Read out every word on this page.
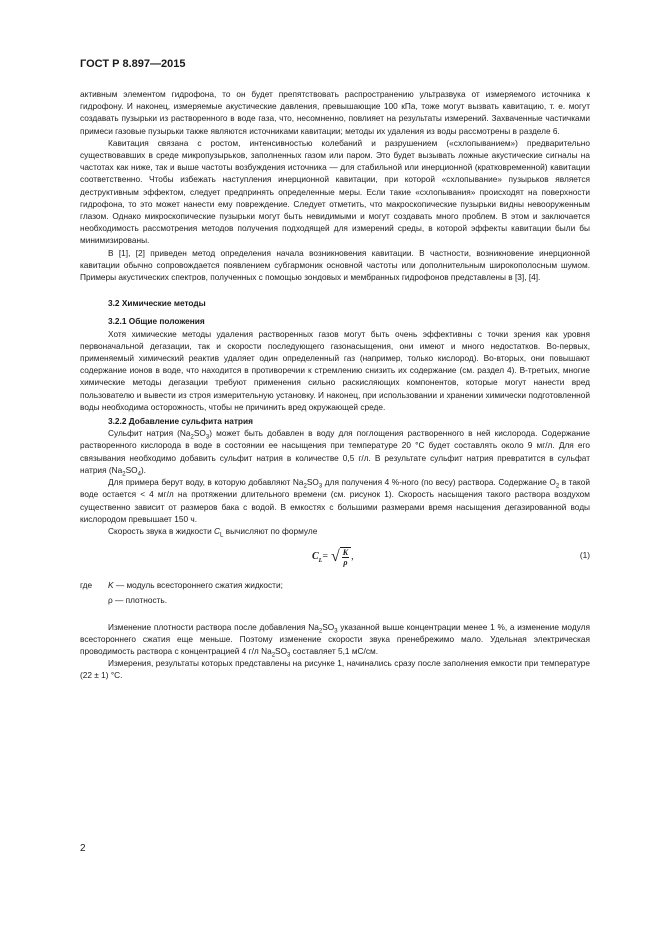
ГОСТ Р 8.897—2015

активным элементом гидрофона, то он будет препятствовать распространению ультразвука от измеряемого источника к гидрофону. И наконец, измеряемые акустические давления, превышающие 100 кПа, тоже могут вызвать кавитацию, т. е. могут создавать пузырьки из растворенного в воде газа, что, несомненно, повлияет на результаты измерений. Захваченные частичками примеси газовые пузырьки также являются источниками кавитации; методы их удаления из воды рассмотрены в разделе 6.

Кавитация связана с ростом, интенсивностью колебаний и разрушением («схлопыванием») предварительно существовавших в среде микропузырьков, заполненных газом или паром. Это будет вызывать ложные акустические сигналы на частотах как ниже, так и выше частоты возбуждения источника — для стабильной или инерционной (кратковременной) кавитации соответственно. Чтобы избежать наступления инерционной кавитации, при которой «схлопывание» пузырьков является деструктивным эффектом, следует предпринять определенные меры. Если такие «схлопывания» происходят на поверхности гидрофона, то это может нанести ему повреждение. Следует отметить, что макроскопические пузырьки видны невооруженным глазом. Однако микроскопические пузырьки могут быть невидимыми и могут создавать много проблем. В этом и заключается необходимость рассмотрения методов получения подходящей для измерений среды, в которой эффекты кавитации были бы минимизированы.

В [1], [2] приведен метод определения начала возникновения кавитации. В частности, возникновение инерционной кавитации обычно сопровождается появлением субгармоник основной частоты или дополнительным широкополосным шумом. Примеры акустических спектров, полученных с помощью зондовых и мембранных гидрофонов представлены в [3], [4].

3.2 Химические методы

3.2.1 Общие положения

Хотя химические методы удаления растворенных газов могут быть очень эффективны с точки зрения как уровня первоначальной дегазации, так и скорости последующего газонасыщения, они имеют и много недостатков. Во-первых, применяемый химический реактив удаляет один определенный газ (например, только кислород). Во-вторых, они повышают содержание ионов в воде, что находится в противоречии к стремлению снизить их содержание (см. раздел 4). В-третьих, многие химические методы дегазации требуют применения сильно раскисляющих компонентов, которые могут нанести вред пользователю и вывести из строя измерительную установку. И наконец, при использовании и хранении химически подготовленной воды необходима осторожность, чтобы не причинить вред окружающей среде.

3.2.2 Добавление сульфита натрия

Сульфит натрия $(Na_2SO_3)$ может быть добавлен в воду для поглощения растворенного в ней кислорода. Содержание растворенного кислорода в воде в состоянии ее насыщения при температуре 20 °C будет составлять около 9 мг/л. Для его связывания необходимо добавить сульфит натрия в количестве 0,5 г/л. В результате сульфит натрия превратится в сульфат натрия $(Na_2SO_4)$.

Для примера берут воду, в которую добавляют $Na_2SO_3$ для получения 4 %-ного (по весу) раствора. Содержание $O_2$ в такой воде остается < 4 мг/л на протяжении длительного времени (см. рисунок 1). Скорость насыщения такого раствора воздухом существенно зависит от размеров бака с водой. В емкостях с большими размерами время насыщения дегазированной воды кислородом превышает 150 ч.

Скорость звука в жидкости $C_L$ вычисляют по формуле

$C_L$ = √ $\frac{K}{\rho}$ ,	(1)
где	K — модуль всестороннего сжатия жидкости;
ρ — плотность.

Изменение плотности раствора после добавления $Na_2SO_3$ указанной выше концентрации менее 1 %, а изменение модуля всестороннего сжатия еще меньше. Поэтому изменение скорости звука пренебрежимо мало. Удельная электрическая проводимость раствора с концентрацией 4 г/л $Na_2SO_3$ составляет 5,1 мС/см.

Измерения, результаты которых представлены на рисунке 1, начинались сразу после заполнения емкости при температуре (22 ± 1) °C.

2
